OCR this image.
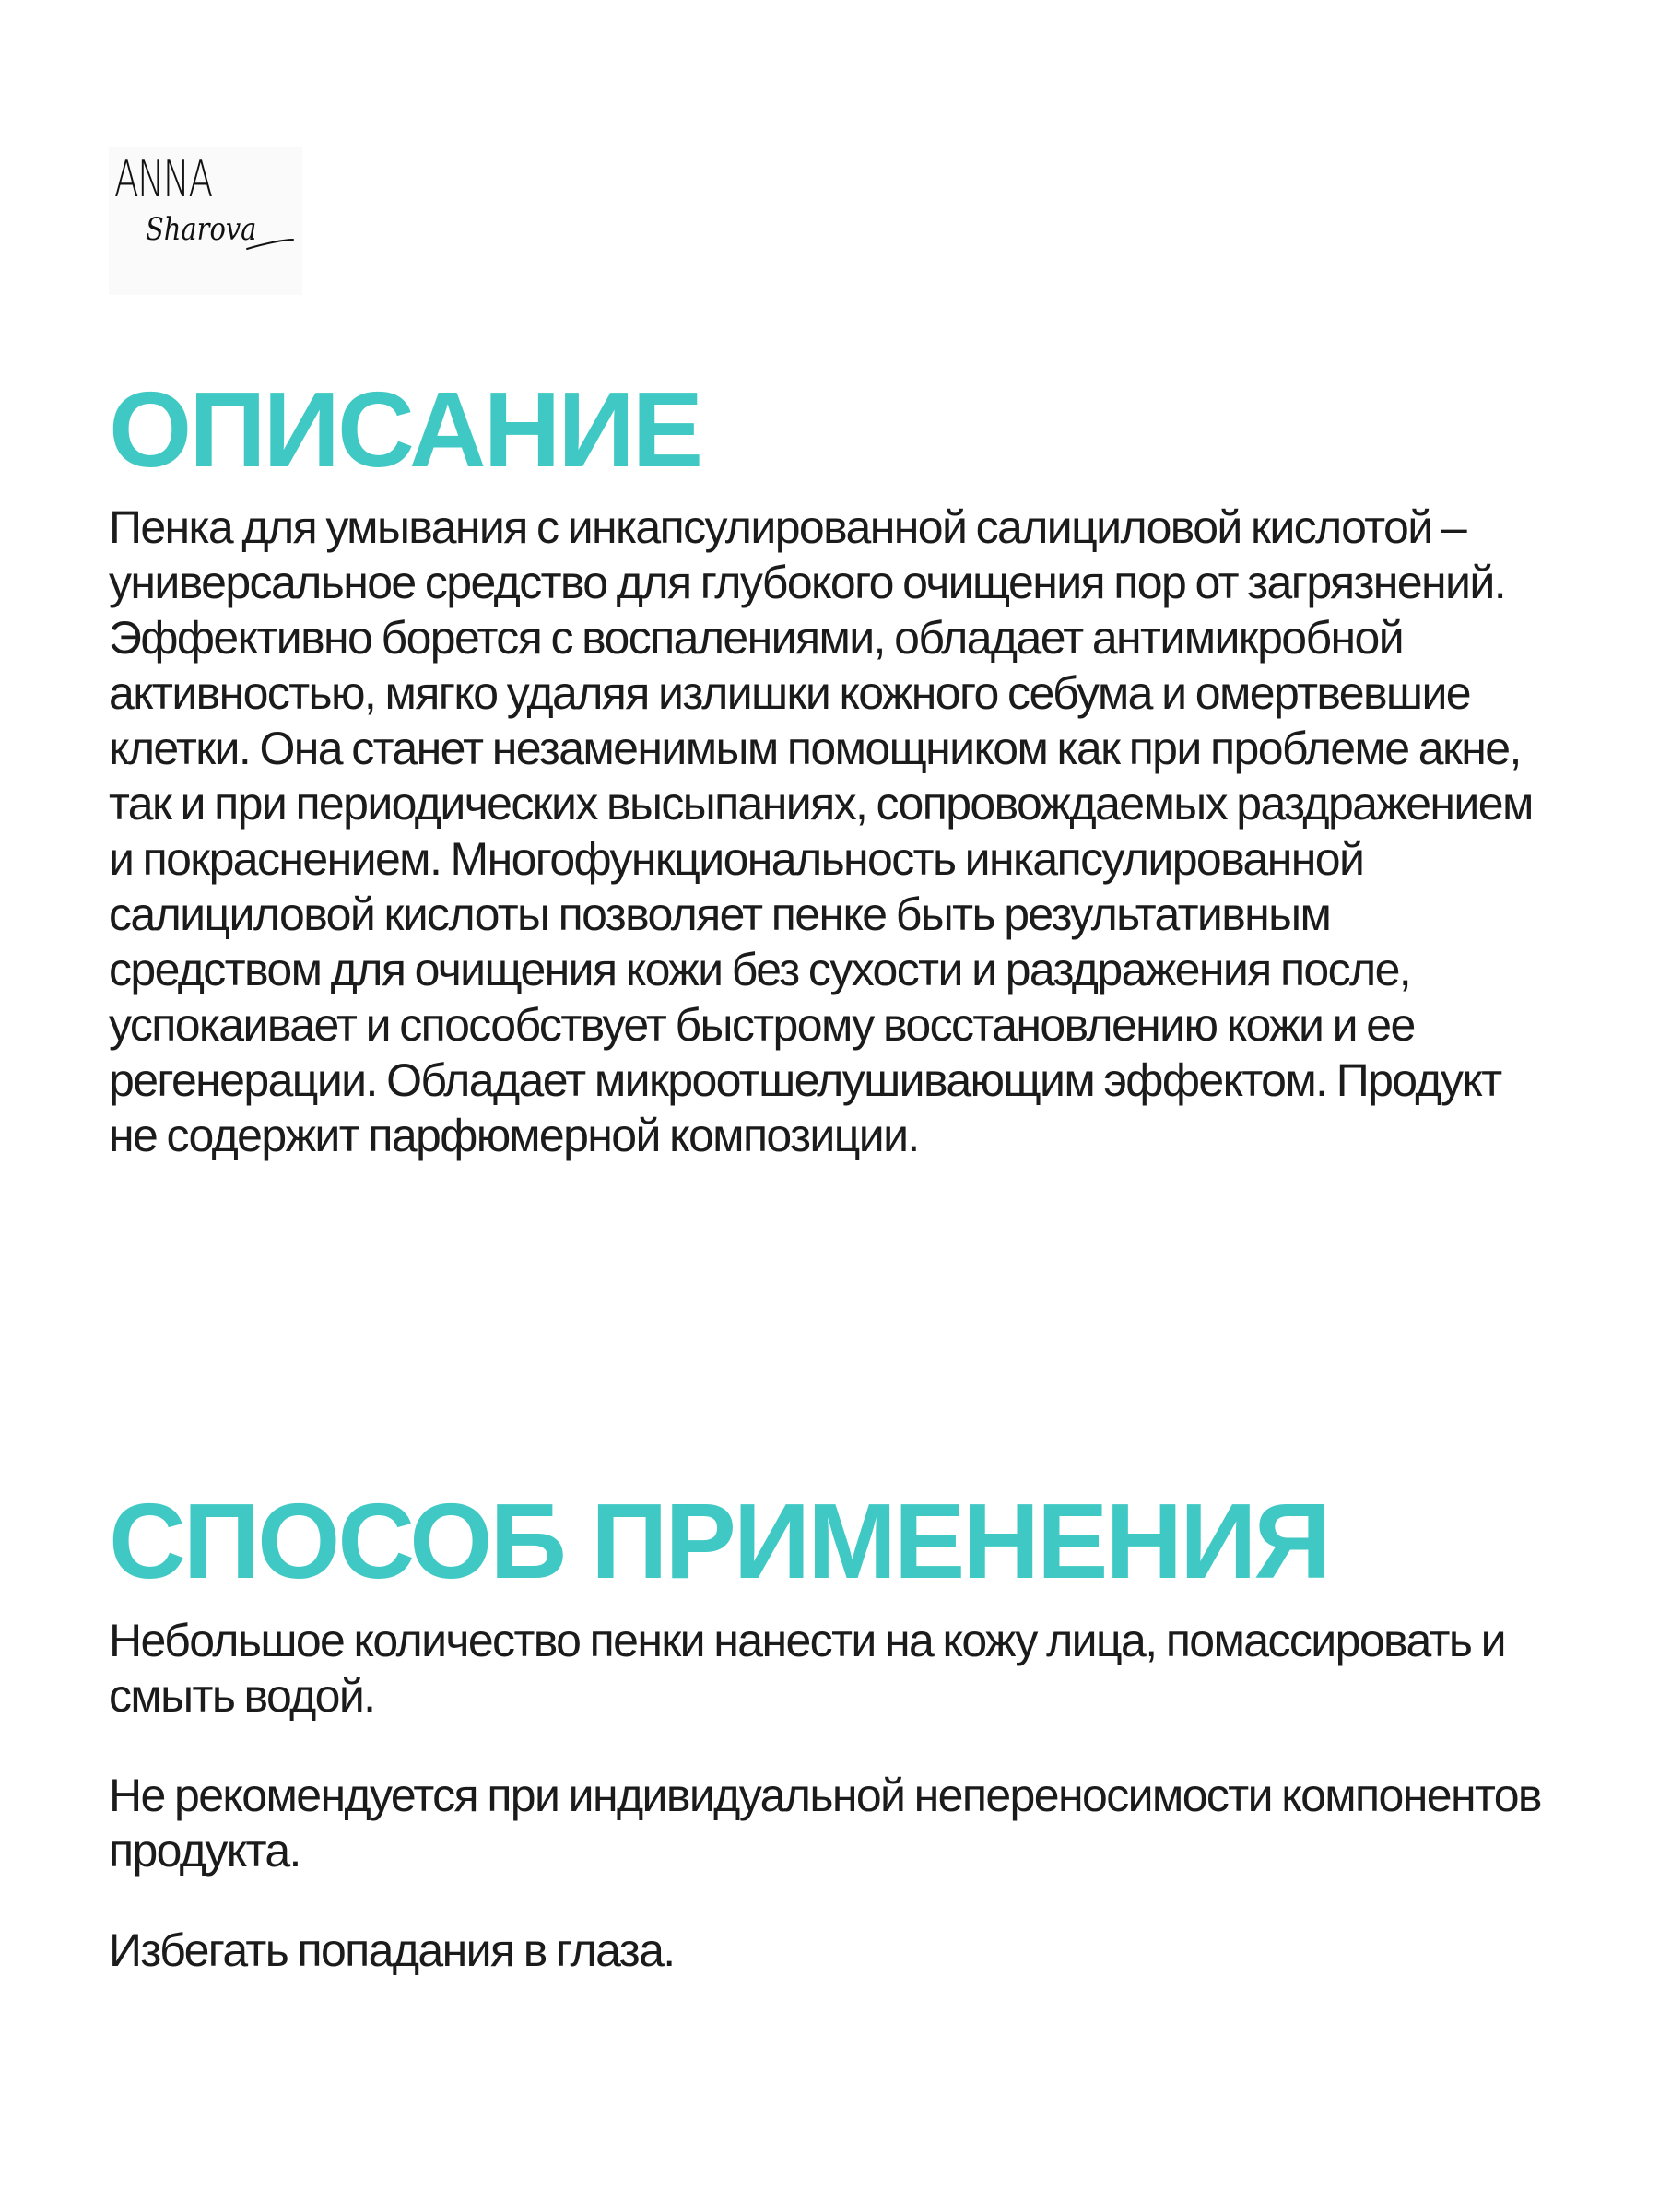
ANNA
Sharova
ОПИСАНИЕ

Пенка для умывания с инкапсулированной салициловой кислотой – универсальное средство для глубокого очищения пор от загрязнений. Эффективно борется с воспалениями, обладает антимикробной активностью, мягко удаляя излишки кожного себума и омертвевшие клетки. Она станет незаменимым помощником как при проблеме акне, так и при периодических высыпаниях, сопровождаемых раздражением и покраснением. Многофункциональность инкапсулированной салициловой кислоты позволяет пенке быть результативным средством для очищения кожи без сухости и раздражения после, успокаивает и способствует быстрому восстановлению кожи и ее регенерации. Обладает микроотшелушивающим эффектом. Продукт не содержит парфюмерной композиции.

СПОСОБ ПРИМЕНЕНИЯ

Небольшое количество пенки нанести на кожу лица, помассировать и смыть водой.

Не рекомендуется при индивидуальной непереносимости компонентов продукта.

Избегать попадания в глаза.
